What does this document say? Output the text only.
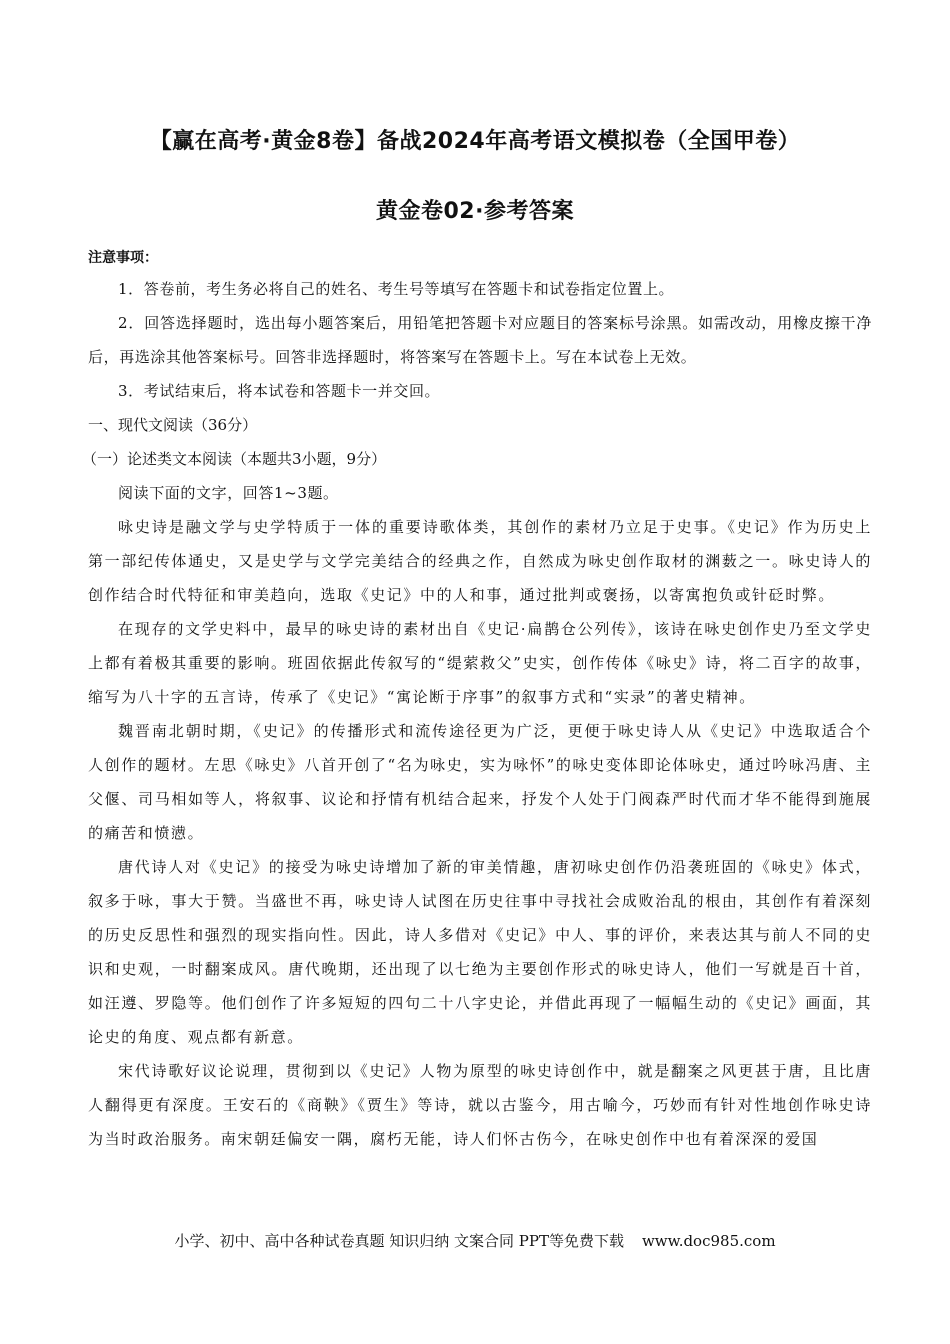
【赢在高考·黄金8卷】备战2024年高考语文模拟卷（全国甲卷）
黄金卷02·参考答案
注意事项：

1．答卷前，考生务必将自己的姓名、考生号等填写在答题卡和试卷指定位置上。

2．回答选择题时，选出每小题答案后，用铅笔把答题卡对应题目的答案标号涂黑。如需改动，用橡皮擦干净后，再选涂其他答案标号。回答非选择题时，将答案写在答题卡上。写在本试卷上无效。

3．考试结束后，将本试卷和答题卡一并交回。

一、现代文阅读（36分）

（一）论述类文本阅读（本题共3小题，9分）

阅读下面的文字，回答1~3题。

咏史诗是融文学与史学特质于一体的重要诗歌体类，其创作的素材乃立足于史事。《史记》作为历史上第一部纪传体通史，又是史学与文学完美结合的经典之作，自然成为咏史创作取材的渊薮之一。咏史诗人的创作结合时代特征和审美趋向，选取《史记》中的人和事，通过批判或褒扬，以寄寓抱负或针砭时弊。

在现存的文学史料中，最早的咏史诗的素材出自《史记·扁鹊仓公列传》，该诗在咏史创作史乃至文学史上都有着极其重要的影响。班固依据此传叙写的“缇萦救父”史实，创作传体《咏史》诗，将二百字的故事，缩写为八十字的五言诗，传承了《史记》“寓论断于序事”的叙事方式和“实录”的著史精神。

魏晋南北朝时期，《史记》的传播形式和流传途径更为广泛，更便于咏史诗人从《史记》中选取适合个人创作的题材。左思《咏史》八首开创了“名为咏史，实为咏怀”的咏史变体即论体咏史，通过吟咏冯唐、主父偃、司马相如等人，将叙事、议论和抒情有机结合起来，抒发个人处于门阀森严时代而才华不能得到施展的痛苦和愤懑。

唐代诗人对《史记》的接受为咏史诗增加了新的审美情趣，唐初咏史创作仍沿袭班固的《咏史》体式，叙多于咏，事大于赞。当盛世不再，咏史诗人试图在历史往事中寻找社会成败治乱的根由，其创作有着深刻的历史反思性和强烈的现实指向性。因此，诗人多借对《史记》中人、事的评价，来表达其与前人不同的史识和史观，一时翻案成风。唐代晚期，还出现了以七绝为主要创作形式的咏史诗人，他们一写就是百十首，如汪遵、罗隐等。他们创作了许多短短的四句二十八字史论，并借此再现了一幅幅生动的《史记》画面，其论史的角度、观点都有新意。

宋代诗歌好议论说理，贯彻到以《史记》人物为原型的咏史诗创作中，就是翻案之风更甚于唐，且比唐人翻得更有深度。王安石的《商鞅》《贾生》等诗，就以古鉴今，用古喻今，巧妙而有针对性地创作咏史诗为当时政治服务。南宋朝廷偏安一隅，腐朽无能，诗人们怀古伤今，在咏史创作中也有着深深的爱国

小学、初中、高中各种试卷真题 知识归纳 文案合同 PPT等免费下载 www.doc985.com
